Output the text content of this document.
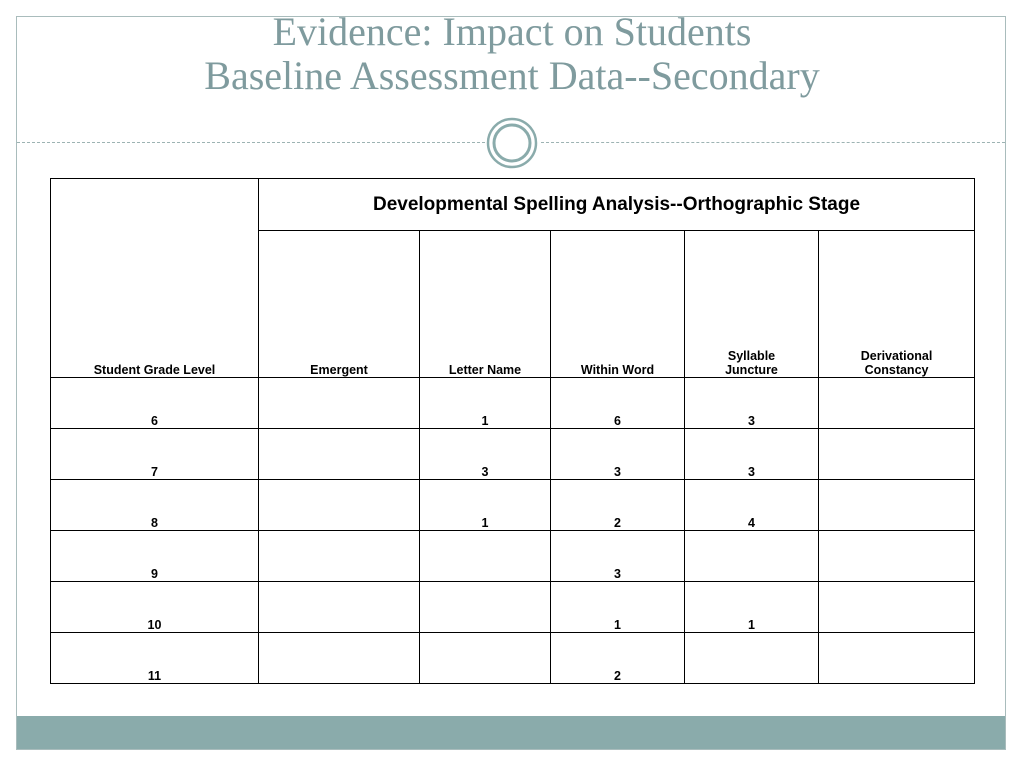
Evidence: Impact on Students
Baseline Assessment Data--Secondary
Student Grade Level	Developmental Spelling Analysis--Orthographic Stage				
	Emergent	Letter Name	Within Word	Syllable Juncture	Derivational Constancy
6		1	6	3	
7		3	3	3	
8		1	2	4	
9			3		
10			1	1	
11			2		
